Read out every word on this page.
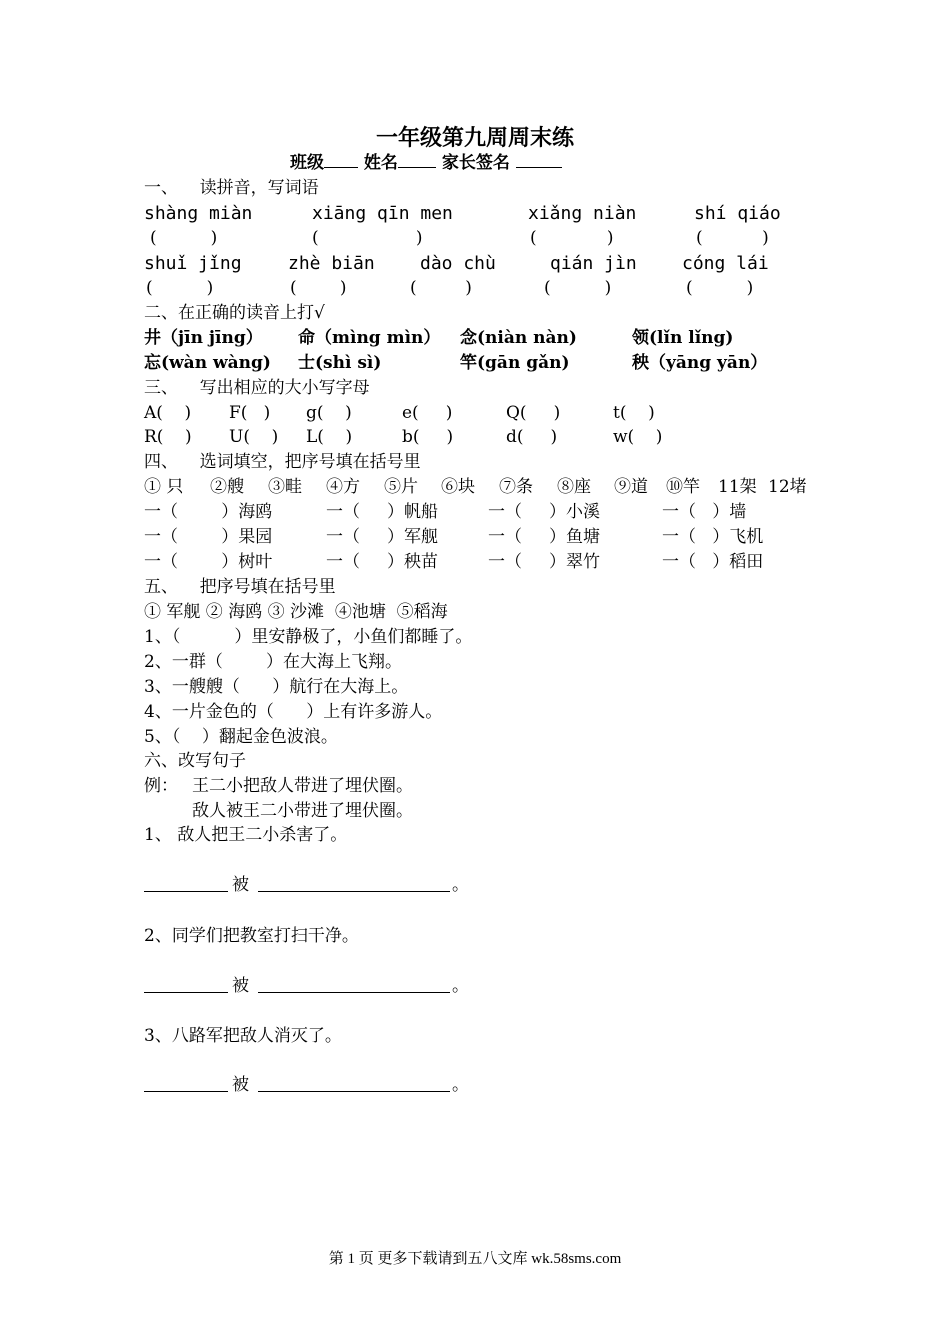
一年级第九周周末练
班级 姓名	家长签名
一、    读拼音，写词语
shàng miàn	xiāng qīn men	xiǎng niàn	shí qiáo
(          )	(                  )	(             )	(           )
shuǐ jǐng	zhè biān	dào chù	qián jìn	cóng lái
(          )	(        )	(         )	(          )	(          )
二、在正确的读音上打√
井（jīn jīng） 命（mìng mìn） 念(niàn nàn)	领(lǐn lǐng)
忘(wàn wàng) 士(shì sì)	竿(gān gǎn)	秧（yāng yān）
三、    写出相应的大小写字母
A(    ) F(   ) g(    )	e(     )	Q(     )	t(    )
R(    ) U(    ) L(    )	b(     )	d(     )	w(    )
四、    选词填空，把序号填在括号里
① 只 ②艘 ③畦 ④方 ⑤片 ⑥块 ⑦条 ⑧座 ⑨道 ⑩竿 11架 12堵
一（	）海鸥	一（ ）帆船	一（ ）小溪	一（ ）墙
一（	）果园	一（ ）军舰	一（ ）鱼塘	一（ ）飞机
一（	）树叶	一（ ）秧苗	一（ ）翠竹	一（ ）稻田
五、    把序号填在括号里
① 军舰 ② 海鸥 ③ 沙滩  ④池塘  ⑤稻海
1、（          ）里安静极了，小鱼们都睡了。
2、一群（        ）在大海上飞翔。
3、一艘艘（      ）航行在大海上。
4、一片金色的（      ）上有许多游人。
5、（    ）翻起金色波浪。
六、改写句子
例： 王二小把敌人带进了埋伏圈。
敌人被王二小带进了埋伏圈。
1、 敌人把王二小杀害了。
被	。
2、同学们把教室打扫干净。
被	。
3、八路军把敌人消灭了。
被	。
第 1 页 更多下载请到五八文库 wk.58sms.com
